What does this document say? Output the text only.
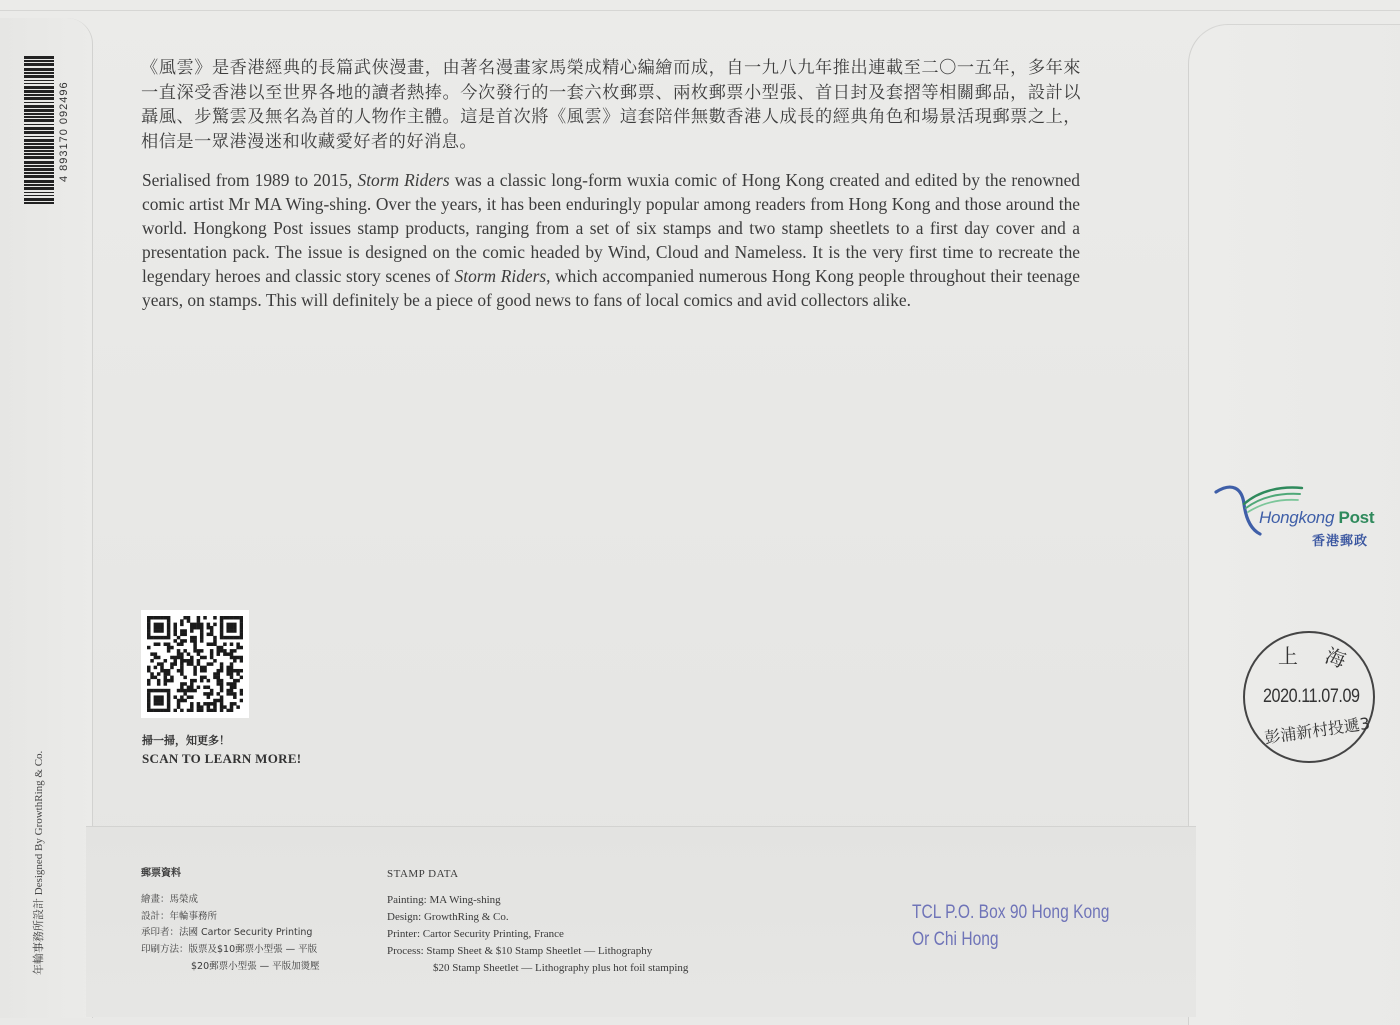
4 893170 092496
年輪事務所設計 Designed By GrowthRing & Co.
《風雲》是香港經典的長篇武俠漫畫，由著名漫畫家馬榮成精心編繪而成，自一九八九年推出連載至二〇一五年，多年來一直深受香港以至世界各地的讀者熱捧。今次發行的一套六枚郵票、兩枚郵票小型張、首日封及套摺等相關郵品，設計以聶風、步驚雲及無名為首的人物作主體。這是首次將《風雲》這套陪伴無數香港人成長的經典角色和場景活現郵票之上，相信是一眾港漫迷和收藏愛好者的好消息。
Serialised from 1989 to 2015, Storm Riders was a classic long-form wuxia comic of Hong Kong created and edited by the renowned comic artist Mr MA Wing-shing. Over the years, it has been enduringly popular among readers from Hong Kong and those around the world. Hongkong Post issues stamp products, ranging from a set of six stamps and two stamp sheetlets to a first day cover and a presentation pack. The issue is designed on the comic headed by Wind, Cloud and Nameless. It is the very first time to recreate the legendary heroes and classic story scenes of Storm Riders, which accompanied numerous Hong Kong people throughout their teenage years, on stamps. This will definitely be a piece of good news to fans of local comics and avid collectors alike.
掃一掃，知更多！
SCAN TO LEARN MORE!
郵票資料
繪畫：馬榮成
設計：年輪事務所
承印者：法國 Cartor Security Printing
印刷方法：版票及$10郵票小型張 — 平版
$20郵票小型張 — 平版加燙壓
STAMP DATA
Painting: MA Wing-shing
Design: GrowthRing & Co.
Printer: Cartor Security Printing, France
Process: Stamp Sheet & $10 Stamp Sheetlet — Lithography
$20 Stamp Sheetlet — Lithography plus hot foil stamping
Hongkong Post
香港郵政
上 海
2020.11.07.09
彭浦新村投遞3
TCL P.O. Box 90 Hong Kong
Or Chi Hong
